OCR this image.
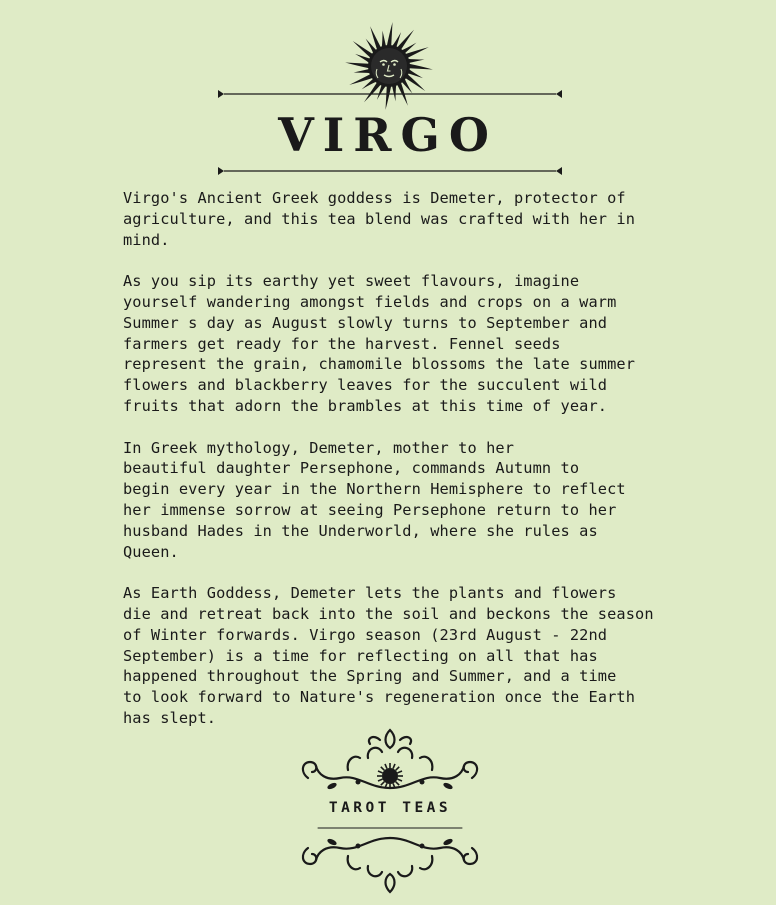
VIRGO

Virgo's Ancient Greek goddess is Demeter, protector of
agriculture, and this tea blend was crafted with her in
mind.

As you sip its earthy yet sweet flavours, imagine
yourself wandering amongst fields and crops on a warm
Summer s day as August slowly turns to September and
farmers get ready for the harvest. Fennel seeds
represent the grain, chamomile blossoms the late summer
flowers and blackberry leaves for the succulent wild
fruits that adorn the brambles at this time of year.

In Greek mythology, Demeter, mother to her
beautiful daughter Persephone, commands Autumn to
begin every year in the Northern Hemisphere to reflect
her immense sorrow at seeing Persephone return to her
husband Hades in the Underworld, where she rules as
Queen.

As Earth Goddess, Demeter lets the plants and flowers
die and retreat back into the soil and beckons the season
of Winter forwards. Virgo season (23rd August - 22nd
September) is a time for reflecting on all that has
happened throughout the Spring and Summer, and a time
to look forward to Nature's regeneration once the Earth
has slept.

TAROT TEAS
